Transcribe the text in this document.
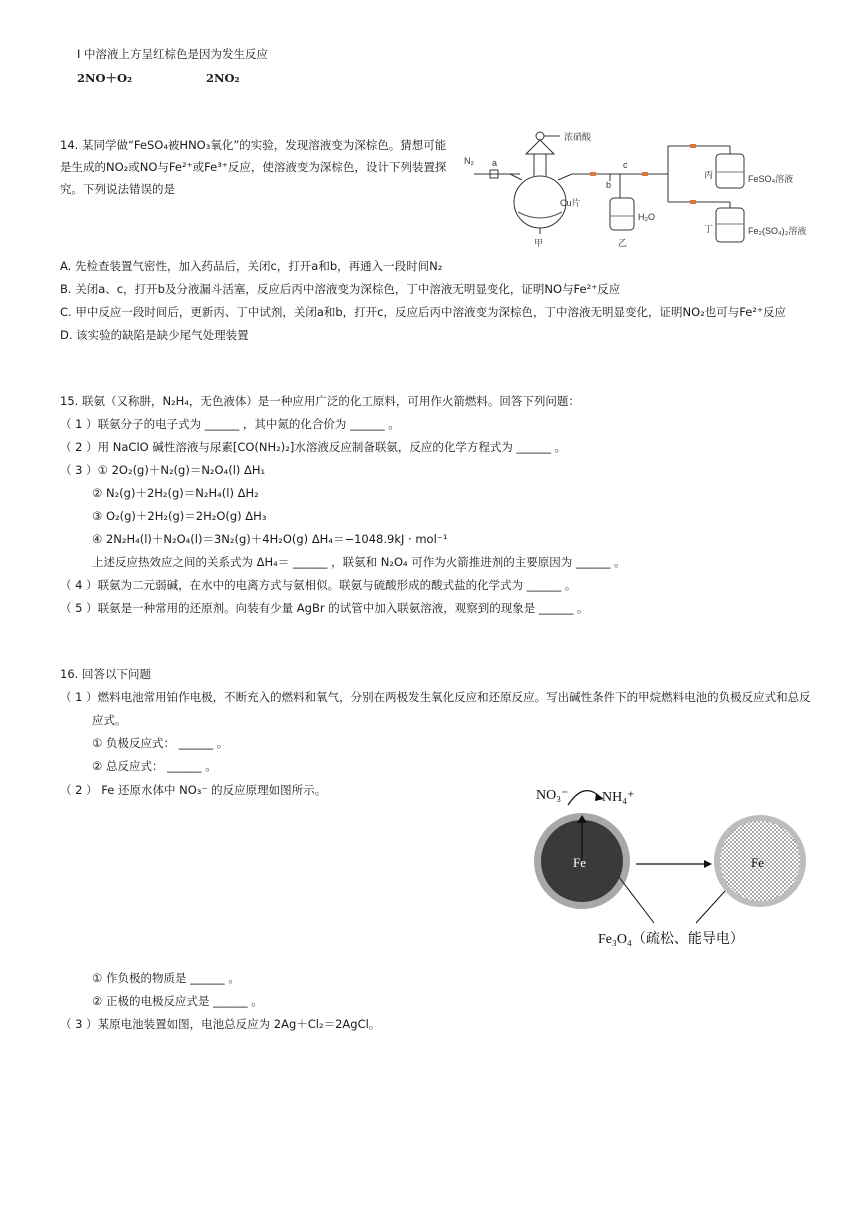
I 中溶液上方呈红棕色是因为发生反应
2NO＋O₂	2NO₂
14. 某同学做“FeSO₄被HNO₃氧化”的实验，发现溶液变为深棕色。猜想可能
是生成的NO₂或NO与Fe²⁺或Fe³⁺反应，使溶液变为深棕色，设计下列装置探
究。下列说法错误的是
N₂ a
浓硝酸
Cu片
甲
b
c
H₂O
乙
丙	FeSO₄溶液
丁	Fe₂(SO₄)₃溶液
A. 先检查装置气密性，加入药品后，关闭c，打开a和b，再通入一段时间N₂
B. 关闭a、c，打开b及分液漏斗活塞，反应后丙中溶液变为深棕色，丁中溶液无明显变化，证明NO与Fe²⁺反应
C. 甲中反应一段时间后，更新丙、丁中试剂，关闭a和b，打开c，反应后丙中溶液变为深棕色，丁中溶液无明显变化，证明NO₂也可与Fe²⁺反应
D. 该实验的缺陷是缺少尾气处理装置
15. 联氨（又称肼，N₂H₄，无色液体）是一种应用广泛的化工原料，可用作火箭燃料。回答下列问题：
（ 1 ）联氨分子的电子式为 ______ ，其中氮的化合价为 ______ 。
（ 2 ）用 NaClO 碱性溶液与尿素[CO(NH₂)₂]水溶液反应制备联氨，反应的化学方程式为 ______ 。
（ 3 ）① 2O₂(g)＋N₂(g)＝N₂O₄(l) ΔH₁
② N₂(g)＋2H₂(g)＝N₂H₄(l) ΔH₂
③ O₂(g)＋2H₂(g)＝2H₂O(g) ΔH₃
④ 2N₂H₄(l)＋N₂O₄(l)＝3N₂(g)＋4H₂O(g) ΔH₄＝−1048.9kJ · mol⁻¹
上述反应热效应之间的关系式为 ΔH₄＝ ______ ，联氨和 N₂O₄ 可作为火箭推进剂的主要原因为 ______ 。
（ 4 ）联氨为二元弱碱，在水中的电离方式与氨相似。联氨与硫酸形成的酸式盐的化学式为 ______ 。
（ 5 ）联氨是一种常用的还原剂。向装有少量 AgBr 的试管中加入联氨溶液，观察到的现象是 ______ 。
16. 回答以下问题
（ 1 ）燃料电池常用铂作电极，不断充入的燃料和氧气，分别在两极发生氧化反应和还原反应。写出碱性条件下的甲烷燃料电池的负极反应式和总反
应式。
① 负极反应式： ______ 。
② 总反应式： ______ 。
（ 2 ） Fe 还原水体中 NO₃⁻ 的反应原理如图所示。	NO₃⁻ NH₄⁺
Fe	Fe
Fe₃O₄（疏松、能导电）
① 作负极的物质是 ______ 。
② 正极的电极反应式是 ______ 。
（ 3 ）某原电池装置如图，电池总反应为 2Ag＋Cl₂＝2AgCl。
